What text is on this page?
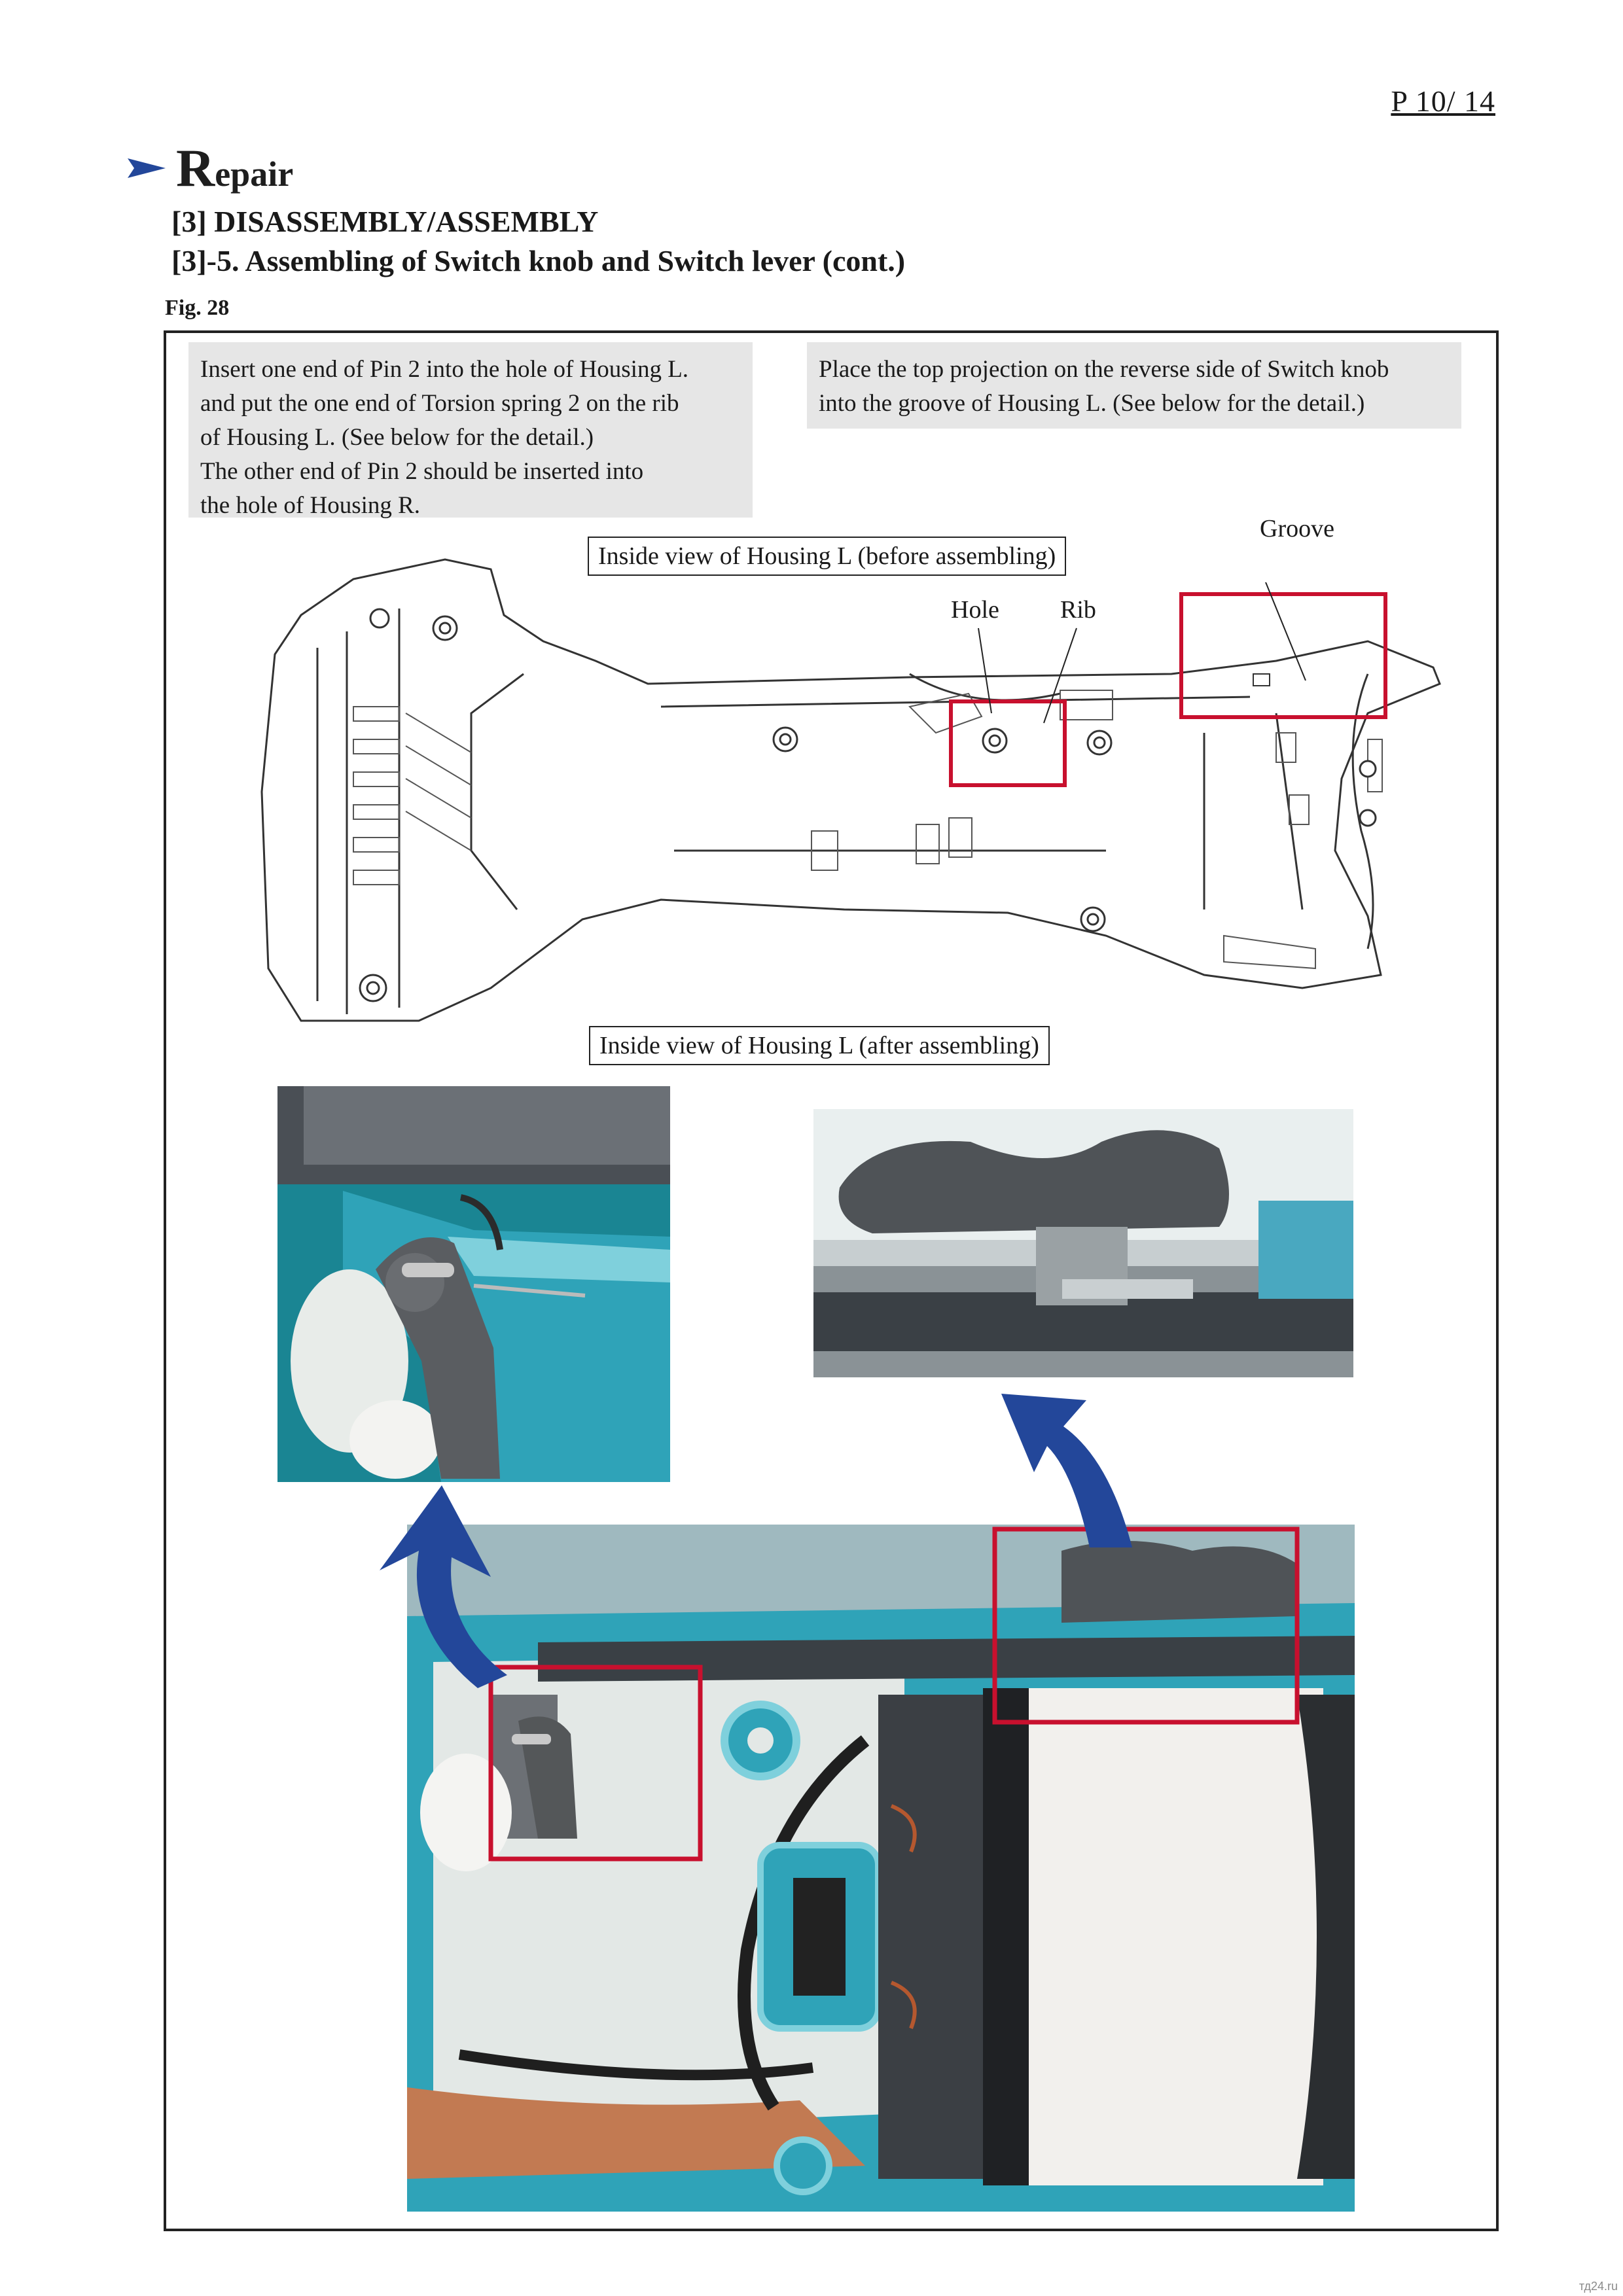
P 10/ 14
R epair
[3] DISASSEMBLY/ASSEMBLY
[3]-5. Assembling of Switch knob and Switch lever (cont.)
Fig. 28
Insert one end of Pin 2 into the hole of Housing L.
and put the one end of Torsion spring 2 on the rib
of Housing L. (See below for the detail.)
The other end of Pin 2 should be inserted into
the hole of Housing R.
Place the top projection on the reverse side of Switch knob
into the groove of Housing L. (See below for the detail.)
Inside view of Housing L (before assembling)
Groove
Hole Rib
Inside view of Housing L (after assembling)
тд24.ru
